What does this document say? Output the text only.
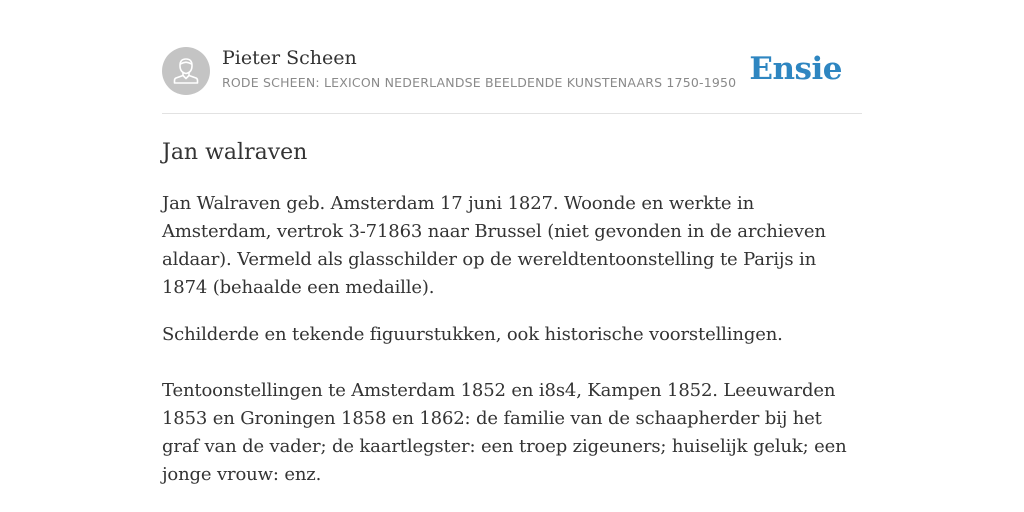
Pieter Scheen
RODE SCHEEN: LEXICON NEDERLANDSE BEELDENDE KUNSTENAARS 1750-1950 Ensie
Jan walraven

Jan Walraven geb. Amsterdam 17 juni 1827. Woonde en werkte in Amsterdam, vertrok 3-71863 naar Brussel (niet gevonden in de archieven aldaar). Vermeld als glasschilder op de wereldtentoonstelling te Parijs in 1874 (behaalde een medaille).

Schilderde en tekende figuurstukken, ook historische voorstellingen.

Tentoonstellingen te Amsterdam 1852 en i8s4, Kampen 1852. Leeuwarden 1853 en Groningen 1858 en 1862: de familie van de schaapherder bij het graf van de vader; de kaartlegster: een troep zigeuners; huiselijk geluk; een jonge vrouw: enz.
